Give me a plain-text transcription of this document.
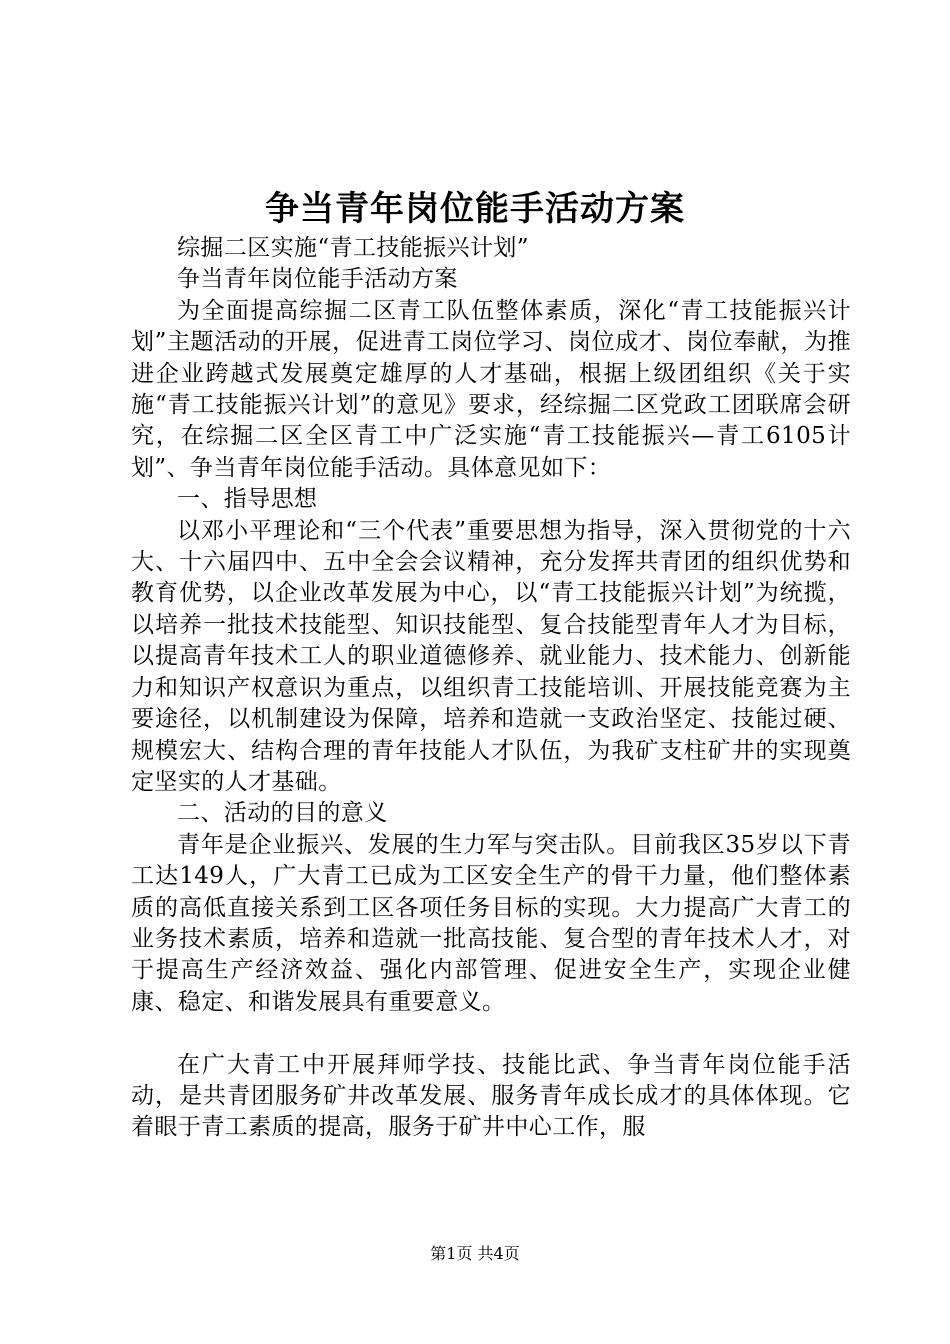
争当青年岗位能手活动方案

综掘二区实施“青工技能振兴计划”

争当青年岗位能手活动方案

为全面提高综掘二区青工队伍整体素质，深化“青工技能振兴计划”主题活动的开展，促进青工岗位学习、岗位成才、岗位奉献，为推进企业跨越式发展奠定雄厚的人才基础，根据上级团组织《关于实施“青工技能振兴计划”的意见》要求，经综掘二区党政工团联席会研究，在综掘二区全区青工中广泛实施“青工技能振兴—青工6105计划”、争当青年岗位能手活动。具体意见如下：

一、指导思想

以邓小平理论和“三个代表”重要思想为指导，深入贯彻党的十六大、十六届四中、五中全会会议精神，充分发挥共青团的组织优势和教育优势，以企业改革发展为中心，以“青工技能振兴计划”为统揽，以培养一批技术技能型、知识技能型、复合技能型青年人才为目标，以提高青年技术工人的职业道德修养、就业能力、技术能力、创新能力和知识产权意识为重点，以组织青工技能培训、开展技能竞赛为主要途径，以机制建设为保障，培养和造就一支政治坚定、技能过硬、规模宏大、结构合理的青年技能人才队伍，为我矿支柱矿井的实现奠定坚实的人才基础。

二、活动的目的意义

青年是企业振兴、发展的生力军与突击队。目前我区35岁以下青工达149人，广大青工已成为工区安全生产的骨干力量，他们整体素质的高低直接关系到工区各项任务目标的实现。大力提高广大青工的业务技术素质，培养和造就一批高技能、复合型的青年技术人才，对于提高生产经济效益、强化内部管理、促进安全生产，实现企业健康、稳定、和谐发展具有重要意义。

在广大青工中开展拜师学技、技能比武、争当青年岗位能手活动，是共青团服务矿井改革发展、服务青年成长成才的具体体现。它着眼于青工素质的提高，服务于矿井中心工作，服

第1页 共4页
